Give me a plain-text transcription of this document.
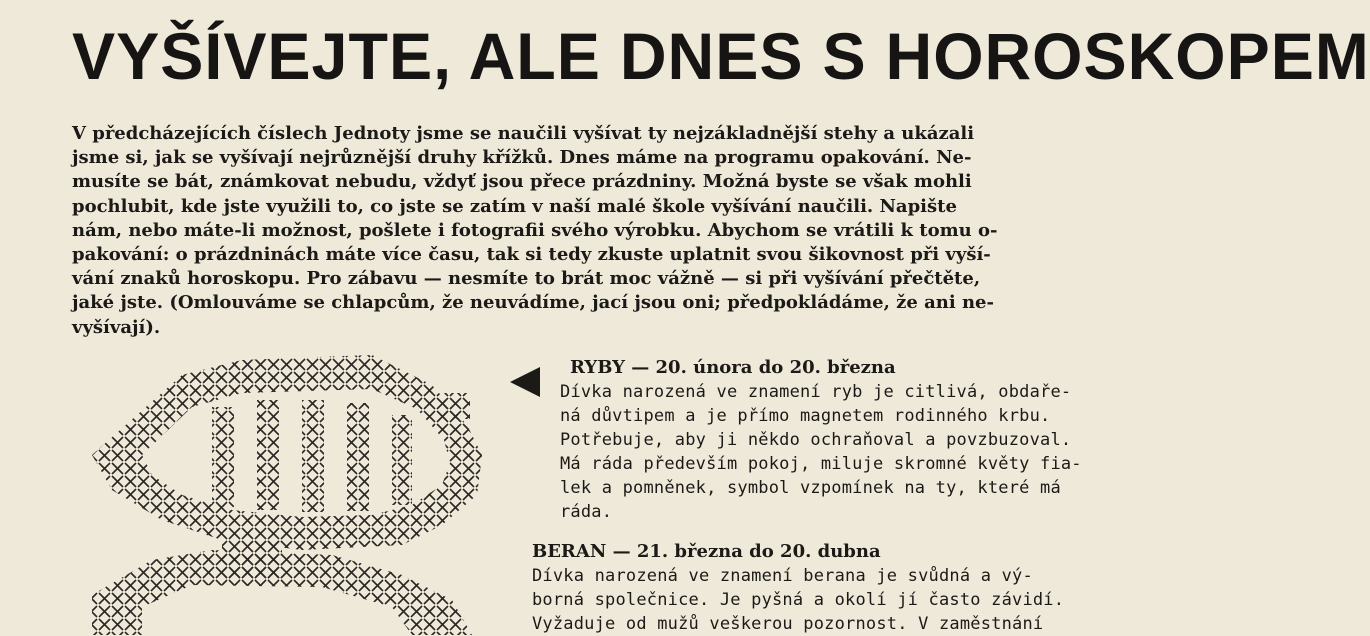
VYŠÍVEJTE, ALE DNES S HOROSKOPEM
V předcházejících číslech Jednoty jsme se naučili vyšívat ty nejzákladnější stehy a ukázali
jsme si, jak se vyšívají nejrůznější druhy křížků. Dnes máme na programu opakování. Ne-
musíte se bát, známkovat nebudu, vždyť jsou přece prázdniny. Možná byste se však mohli
pochlubit, kde jste využili to, co jste se zatím v naší malé škole vyšívání naučili. Napište
nám, nebo máte-li možnost, pošlete i fotografii svého výrobku. Abychom se vrátili k tomu o-
pakování: o prázdninách máte více času, tak si tedy zkuste uplatnit svou šikovnost při vyší-
vání znaků horoskopu. Pro zábavu — nesmíte to brát moc vážně — si při vyšívání přečtěte,
jaké jste. (Omlouváme se chlapcům, že neuvádíme, jací jsou oni; předpokládáme, že ani ne-
vyšívají).

RYBY — 20. února do 20. března

Dívka narozená ve znamení ryb je citlivá, obdaře-
ná důvtipem a je přímo magnetem rodinného krbu.
Potřebuje, aby ji někdo ochraňoval a povzbuzoval.
Má ráda především pokoj, miluje skromné květy fia-
lek a pomněnek, symbol vzpomínek na ty, které má
ráda.

BERAN — 21. března do 20. dubna

Dívka narozená ve znamení berana je svůdná a vý-
borná společnice. Je pyšná a okolí jí často závidí.
Vyžaduje od mužů veškerou pozornost. V zaměstnání
